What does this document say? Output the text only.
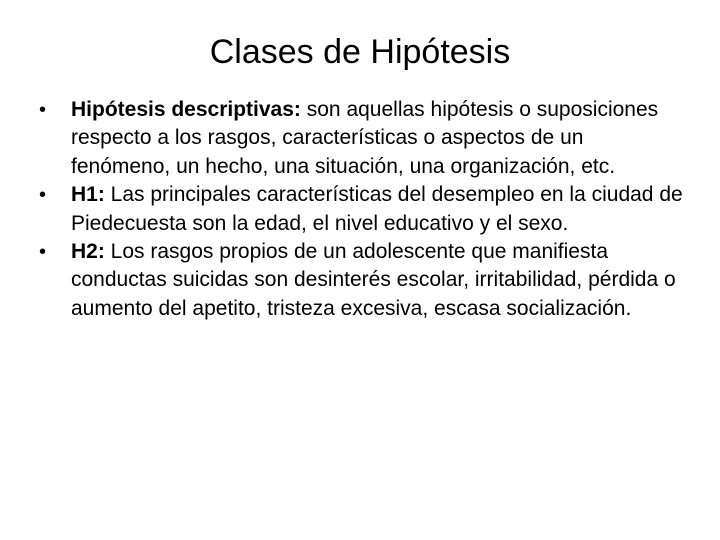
Clases de Hipótesis
• Hipótesis descriptivas: son aquellas hipótesis o suposiciones respecto a los rasgos, características o aspectos de un fenómeno, un hecho, una situación, una organización, etc.
• H1: Las principales características del desempleo en la ciudad de Piedecuesta son la edad, el nivel educativo y el sexo.
• H2: Los rasgos propios de un adolescente que manifiesta conductas suicidas son desinterés escolar, irritabilidad, pérdida o aumento del apetito, tristeza excesiva, escasa socialización.
